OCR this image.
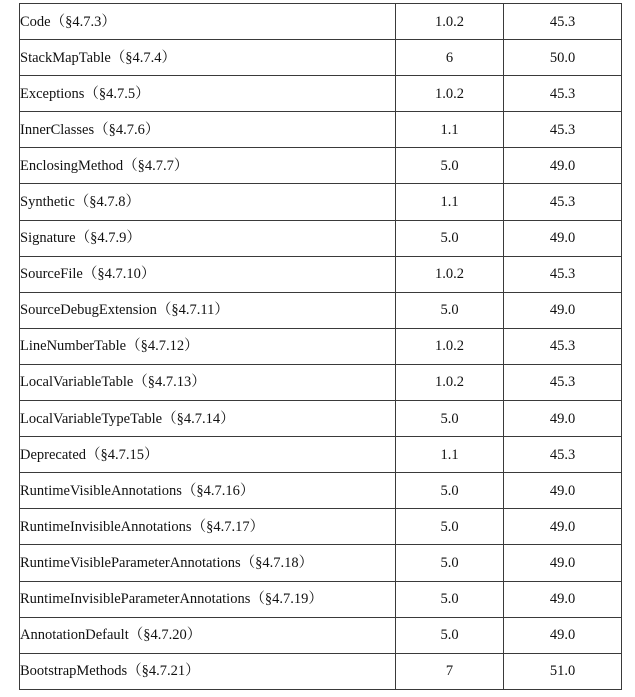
Code（§4.7.3）	1.0.2	45.3
StackMapTable（§4.7.4）	6	50.0
Exceptions（§4.7.5）	1.0.2	45.3
InnerClasses（§4.7.6）	1.1	45.3
EnclosingMethod（§4.7.7）	5.0	49.0
Synthetic（§4.7.8）	1.1	45.3
Signature（§4.7.9）	5.0	49.0
SourceFile（§4.7.10）	1.0.2	45.3
SourceDebugExtension（§4.7.11）	5.0	49.0
LineNumberTable（§4.7.12）	1.0.2	45.3
LocalVariableTable（§4.7.13）	1.0.2	45.3
LocalVariableTypeTable（§4.7.14）	5.0	49.0
Deprecated（§4.7.15）	1.1	45.3
RuntimeVisibleAnnotations（§4.7.16）	5.0	49.0
RuntimeInvisibleAnnotations（§4.7.17）	5.0	49.0
RuntimeVisibleParameterAnnotations（§4.7.18）	5.0	49.0
RuntimeInvisibleParameterAnnotations（§4.7.19）	5.0	49.0
AnnotationDefault（§4.7.20）	5.0	49.0
BootstrapMethods（§4.7.21）	7	51.0
